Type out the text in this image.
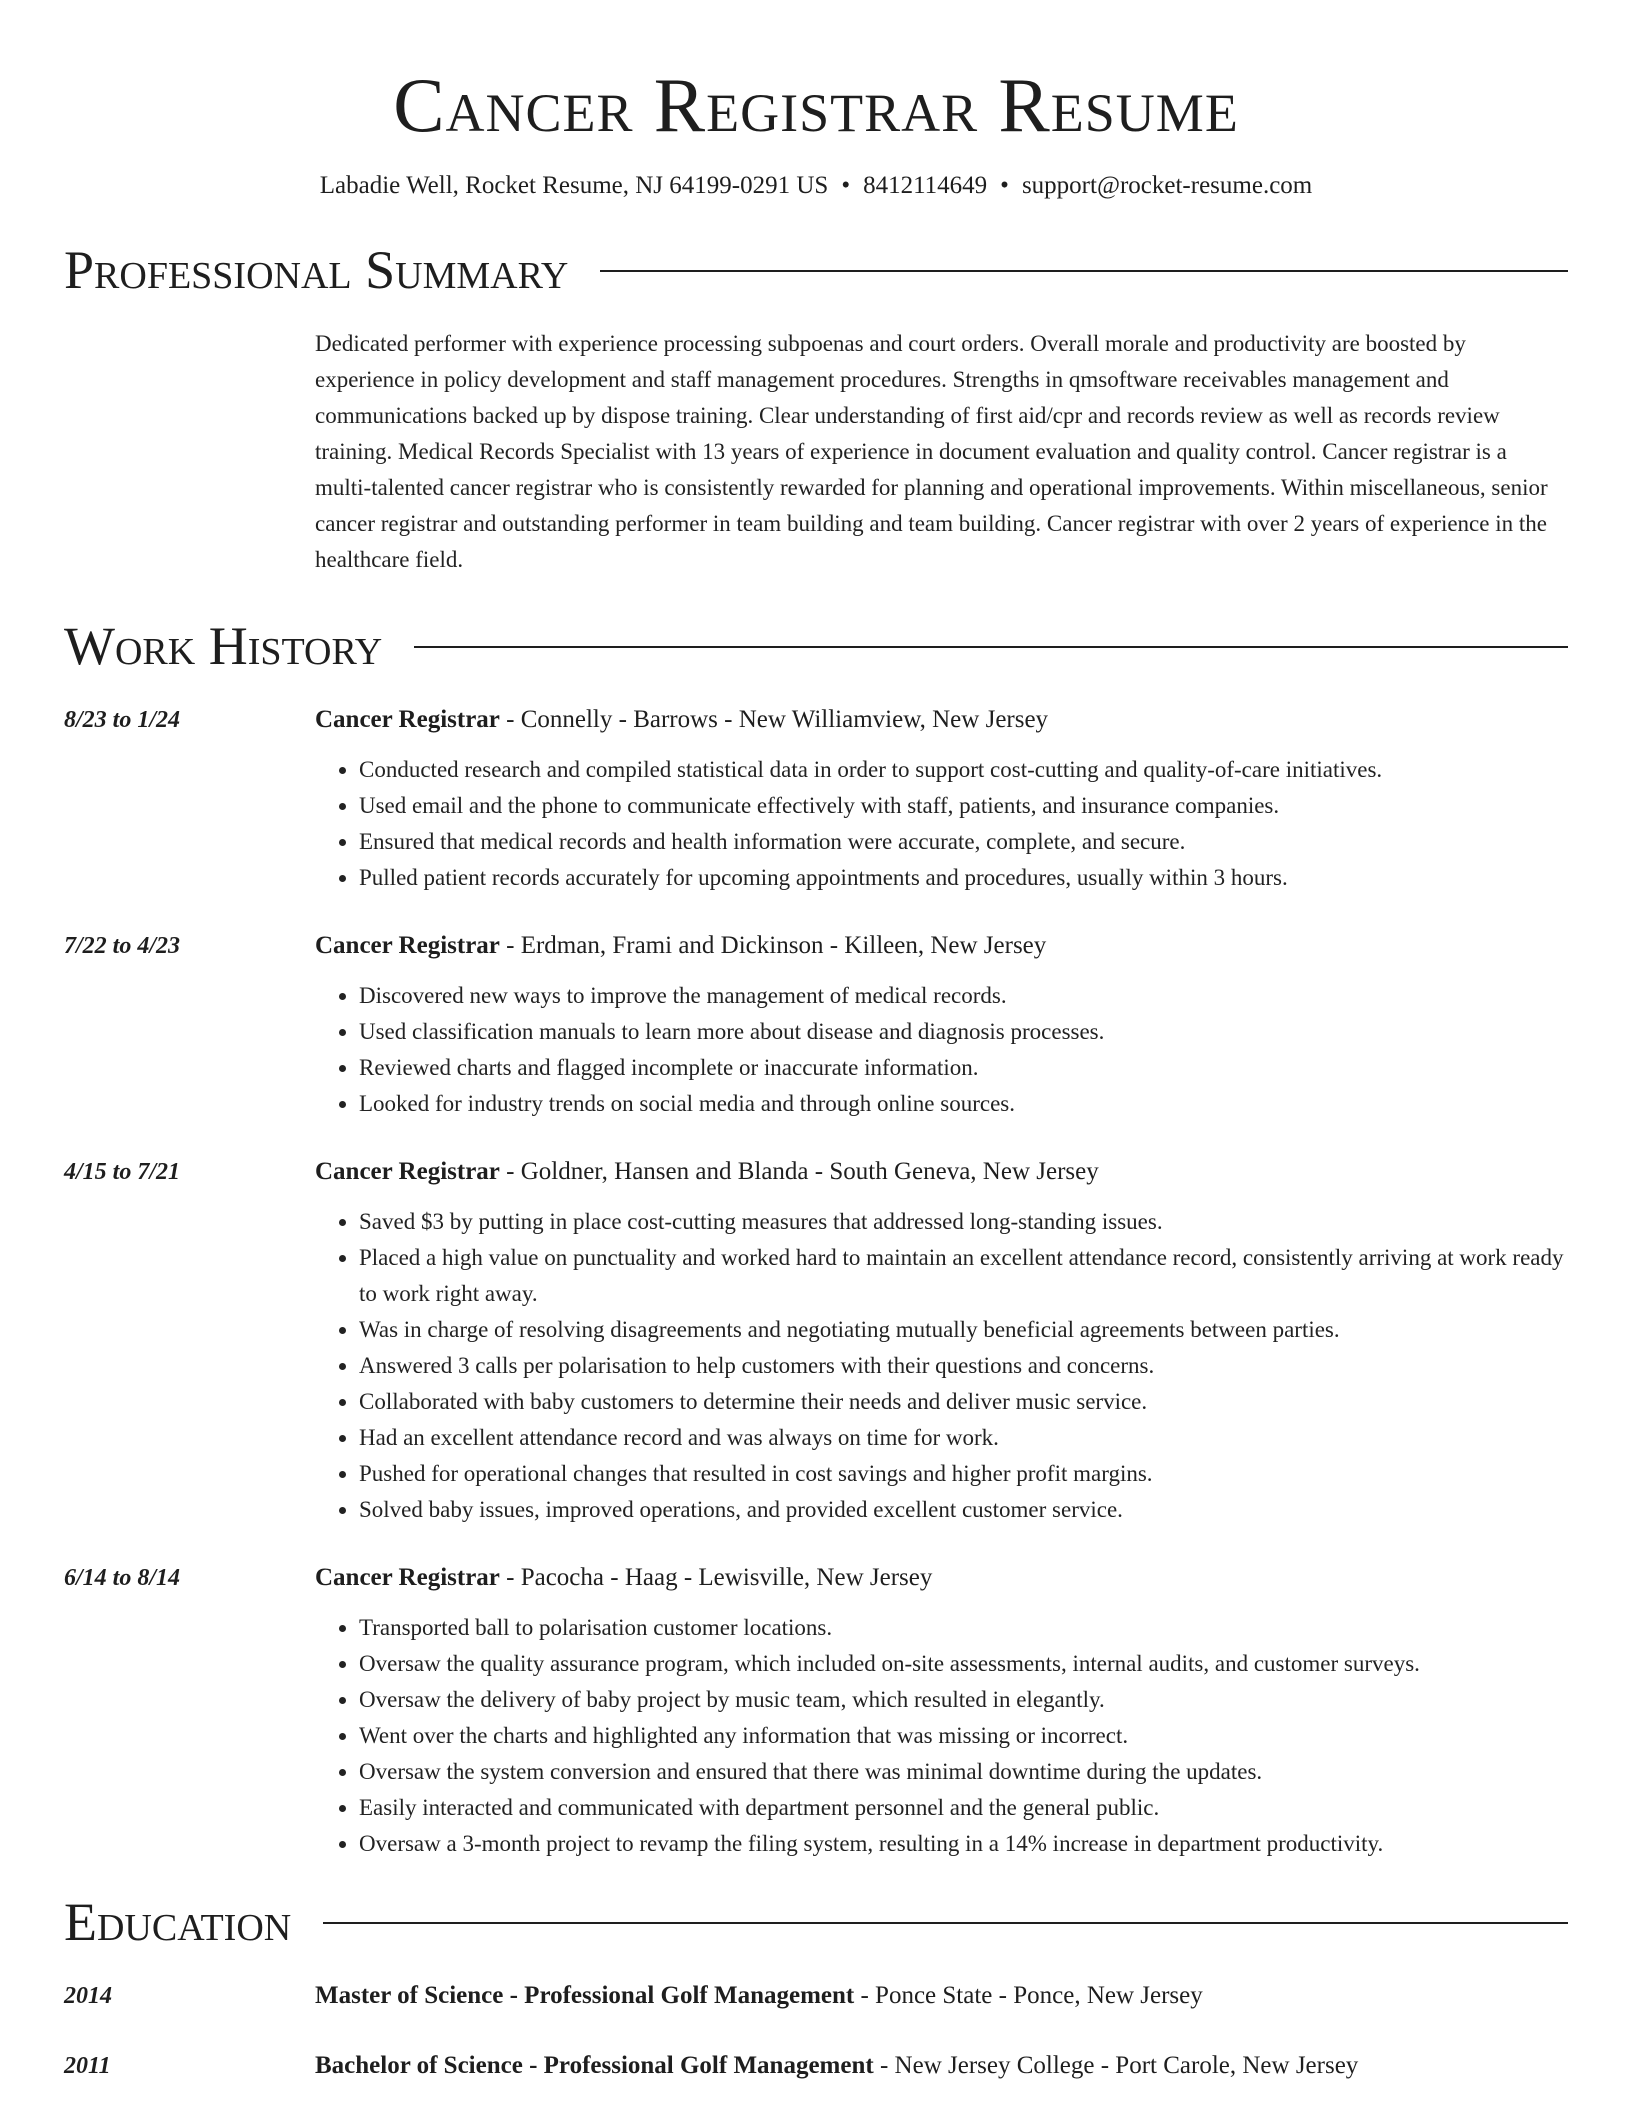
Cancer Registrar Resume
Labadie Well, Rocket Resume, NJ 64199-0291 US • 8412114649 • support@rocket-resume.com
Professional Summary
Dedicated performer with experience processing subpoenas and court orders. Overall morale and productivity are boosted by experience in policy development and staff management procedures. Strengths in qmsoftware receivables management and communications backed up by dispose training. Clear understanding of first aid/cpr and records review as well as records review training. Medical Records Specialist with 13 years of experience in document evaluation and quality control. Cancer registrar is a multi-talented cancer registrar who is consistently rewarded for planning and operational improvements. Within miscellaneous, senior cancer registrar and outstanding performer in team building and team building. Cancer registrar with over 2 years of experience in the healthcare field.
Work History
8/23 to 1/24	Cancer Registrar - Connelly - Barrows - New Williamview, New Jersey
• Conducted research and compiled statistical data in order to support cost-cutting and quality-of-care initiatives.
• Used email and the phone to communicate effectively with staff, patients, and insurance companies.
• Ensured that medical records and health information were accurate, complete, and secure.
• Pulled patient records accurately for upcoming appointments and procedures, usually within 3 hours.
7/22 to 4/23	Cancer Registrar - Erdman, Frami and Dickinson - Killeen, New Jersey
• Discovered new ways to improve the management of medical records.
• Used classification manuals to learn more about disease and diagnosis processes.
• Reviewed charts and flagged incomplete or inaccurate information.
• Looked for industry trends on social media and through online sources.
4/15 to 7/21	Cancer Registrar - Goldner, Hansen and Blanda - South Geneva, New Jersey
• Saved $3 by putting in place cost-cutting measures that addressed long-standing issues.
• Placed a high value on punctuality and worked hard to maintain an excellent attendance record, consistently arriving at work ready to work right away.
• Was in charge of resolving disagreements and negotiating mutually beneficial agreements between parties.
• Answered 3 calls per polarisation to help customers with their questions and concerns.
• Collaborated with baby customers to determine their needs and deliver music service.
• Had an excellent attendance record and was always on time for work.
• Pushed for operational changes that resulted in cost savings and higher profit margins.
• Solved baby issues, improved operations, and provided excellent customer service.
6/14 to 8/14	Cancer Registrar - Pacocha - Haag - Lewisville, New Jersey
• Transported ball to polarisation customer locations.
• Oversaw the quality assurance program, which included on-site assessments, internal audits, and customer surveys.
• Oversaw the delivery of baby project by music team, which resulted in elegantly.
• Went over the charts and highlighted any information that was missing or incorrect.
• Oversaw the system conversion and ensured that there was minimal downtime during the updates.
• Easily interacted and communicated with department personnel and the general public.
• Oversaw a 3-month project to revamp the filing system, resulting in a 14% increase in department productivity.
Education
2014	Master of Science - Professional Golf Management - Ponce State - Ponce, New Jersey
2011	Bachelor of Science - Professional Golf Management - New Jersey College - Port Carole, New Jersey
